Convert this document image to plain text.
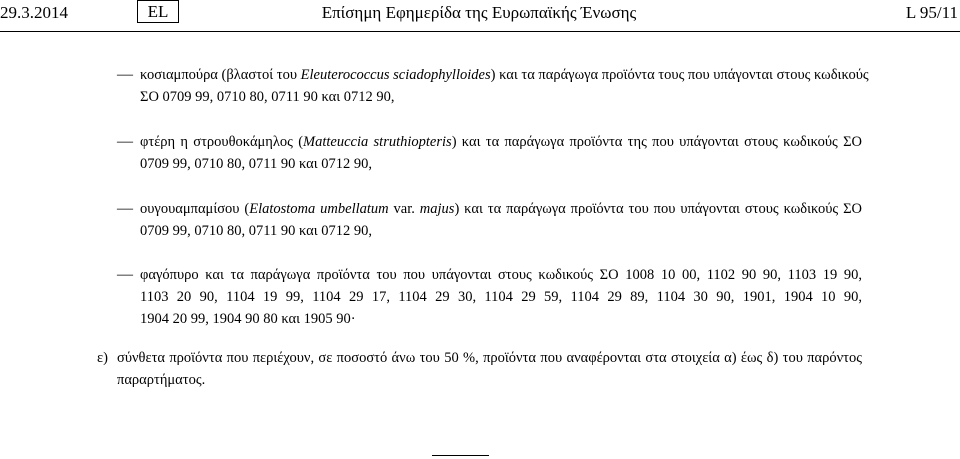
29.3.2014	EL	Επίσημη Εφημερίδα της Ευρωπαϊκής Ένωσης	L 95/11
— κοσιαμπούρα (βλαστοί του Eleuterococcus sciadophylloides) και τα παράγωγα προϊόντα τους που υπάγονται στους κωδικούς
ΣΟ 0709 99, 0710 80, 0711 90 και 0712 90,
— φτέρη η στρουθοκάμηλος (Matteuccia struthiopteris) και τα παράγωγα προϊόντα της που υπάγονται στους κωδικούς ΣΟ
0709 99, 0710 80, 0711 90 και 0712 90,
— ουγουαμπαμίσου (Elatostoma umbellatum var. majus) και τα παράγωγα προϊόντα του που υπάγονται στους κωδικούς ΣΟ
0709 99, 0710 80, 0711 90 και 0712 90,
— φαγόπυρο και τα παράγωγα προϊόντα του που υπάγονται στους κωδικούς ΣΟ 1008 10 00, 1102 90 90, 1103 19 90,
1103 20 90, 1104 19 99, 1104 29 17, 1104 29 30, 1104 29 59, 1104 29 89, 1104 30 90, 1901, 1904 10 90,
1904 20 99, 1904 90 80 και 1905 90·
ε) σύνθετα προϊόντα που περιέχουν, σε ποσοστό άνω του 50 %, προϊόντα που αναφέρονται στα στοιχεία α) έως δ) του παρόντος
παραρτήματος.
